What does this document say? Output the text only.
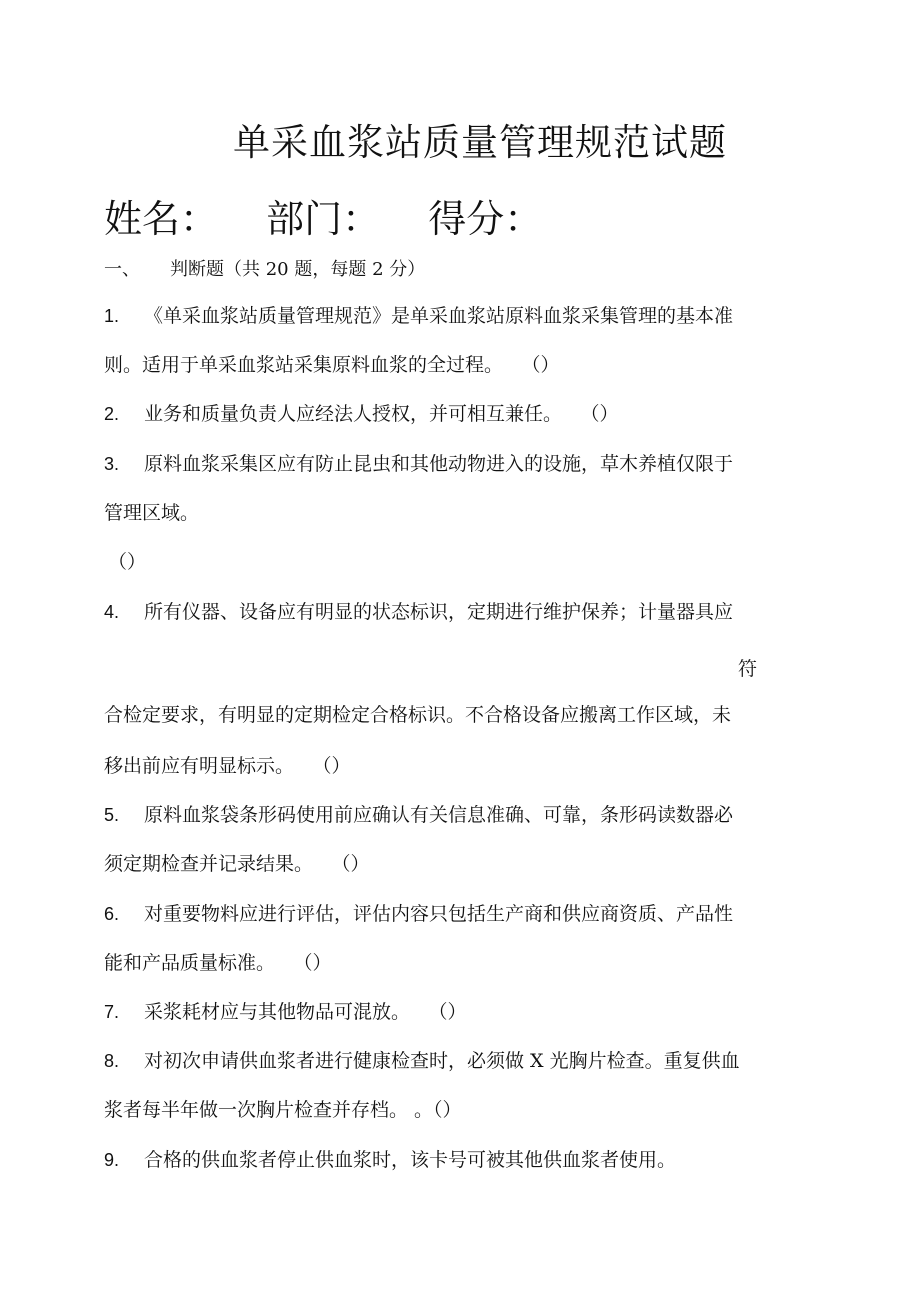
单采血浆站质量管理规范试题
姓名： 部门： 得分：
一、 判断题（共 20 题，每题 2 分）
1. 《单采血浆站质量管理规范》是单采血浆站原料血浆采集管理的基本准
则。适用于单采血浆站采集原料血浆的全过程。 （）
2. 业务和质量负责人应经法人授权，并可相互兼任。 （）
3. 原料血浆采集区应有防止昆虫和其他动物进入的设施，草木养植仅限于
管理区域。
（）
4. 所有仪器、设备应有明显的状态标识，定期进行维护保养；计量器具应
符
合检定要求，有明显的定期检定合格标识。不合格设备应搬离工作区域，未
移出前应有明显标示。 （）
5. 原料血浆袋条形码使用前应确认有关信息准确、可靠，条形码读数器必
须定期检查并记录结果。 （）
6. 对重要物料应进行评估，评估内容只包括生产商和供应商资质、产品性
能和产品质量标准。 （）
7. 采浆耗材应与其他物品可混放。 （）
8. 对初次申请供血浆者进行健康检查时，必须做 X 光胸片检查。重复供血
浆者每半年做一次胸片检查并存档。 。（）
9. 合格的供血浆者停止供血浆时，该卡号可被其他供血浆者使用。
